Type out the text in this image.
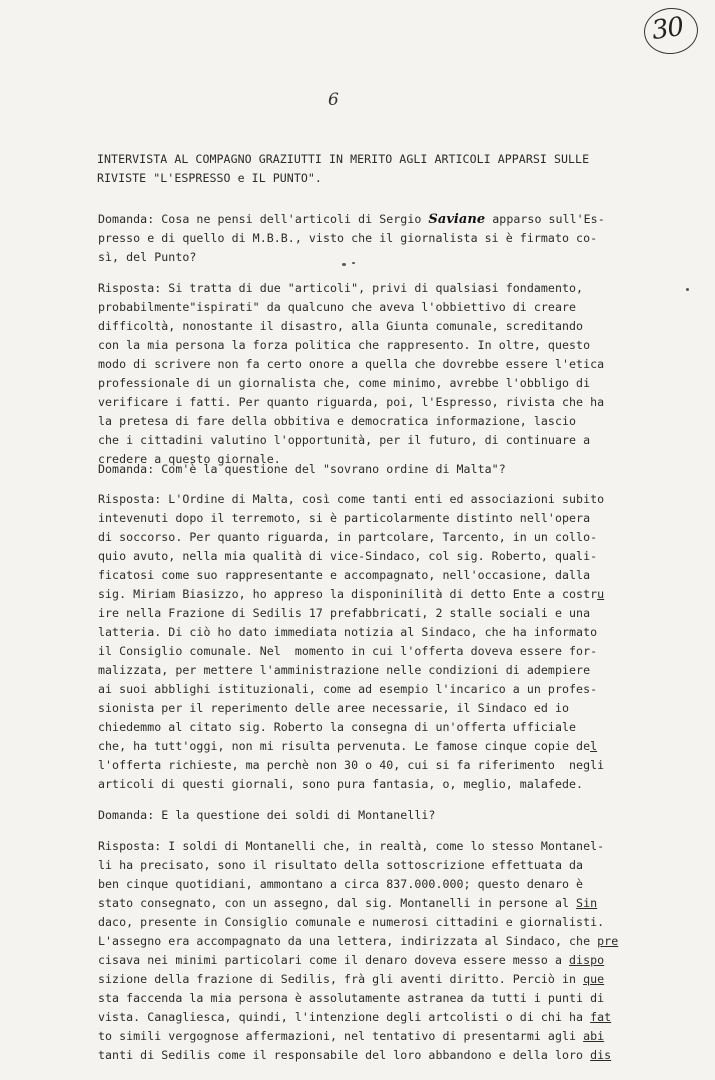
30
6
INTERVISTA AL COMPAGNO GRAZIUTTI IN MERITO AGLI ARTICOLI APPARSI SULLE
RIVISTE "L'ESPRESSO e IL PUNTO".
Domanda: Cosa ne pensi dell'articoli di Sergio Saviane apparso sull'Es-
presso e di quello di M.B.B., visto che il giornalista si è firmato co-
sì, del Punto?
Risposta: Si tratta di due "articoli", privi di qualsiasi fondamento,
probabilmente"ispirati" da qualcuno che aveva l'obbiettivo di creare
difficoltà, nonostante il disastro, alla Giunta comunale, screditando
con la mia persona la forza politica che rappresento. In oltre, questo
modo di scrivere non fa certo onore a quella che dovrebbe essere l'etica
professionale di un giornalista che, come minimo, avrebbe l'obbligo di
verificare i fatti. Per quanto riguarda, poi, l'Espresso, rivista che ha
la pretesa di fare della obbitiva e democratica informazione, lascio
che i cittadini valutino l'opportunità, per il futuro, di continuare a
credere a questo giornale.
Domanda: Com'è la questione del "sovrano ordine di Malta"?
Risposta: L'Ordine di Malta, così come tanti enti ed associazioni subito
intevenuti dopo il terremoto, si è particolarmente distinto nell'opera
di soccorso. Per quanto riguarda, in partcolare, Tarcento, in un collo-
quio avuto, nella mia qualità di vice-Sindaco, col sig. Roberto, quali-
ficatosi come suo rappresentante e accompagnato, nell'occasione, dalla
sig. Miriam Biasizzo, ho appreso la disponinilità di detto Ente a costru
ire nella Frazione di Sedilis 17 prefabbricati, 2 stalle sociali e una
latteria. Di ciò ho dato immediata notizia al Sindaco, che ha informato
il Consiglio comunale. Nel  momento in cui l'offerta doveva essere for-
malizzata, per mettere l'amministrazione nelle condizioni di adempiere
ai suoi abblighi istituzionali, come ad esempio l'incarico a un profes-
sionista per il reperimento delle aree necessarie, il Sindaco ed io
chiedemmo al citato sig. Roberto la consegna di un'offerta ufficiale
che, ha tutt'oggi, non mi risulta pervenuta. Le famose cinque copie del
l'offerta richieste, ma perchè non 30 o 40, cui si fa riferimento  negli
articoli di questi giornali, sono pura fantasia, o, meglio, malafede.
Domanda: E la questione dei soldi di Montanelli?
Risposta: I soldi di Montanelli che, in realtà, come lo stesso Montanel-
li ha precisato, sono il risultato della sottoscrizione effettuata da
ben cinque quotidiani, ammontano a circa 837.000.000; questo denaro è
stato consegnato, con un assegno, dal sig. Montanelli in persone al Sin
daco, presente in Consiglio comunale e numerosi cittadini e giornalisti.
L'assegno era accompagnato da una lettera, indirizzata al Sindaco, che pre
cisava nei minimi particolari come il denaro doveva essere messo a dispo
sizione della frazione di Sedilis, frà gli aventi diritto. Perciò in que
sta faccenda la mia persona è assolutamente astranea da tutti i punti di
vista. Canagliesca, quindi, l'intenzione degli artcolisti o di chi ha fat
to simili vergognose affermazioni, nel tentativo di presentarmi agli abi
tanti di Sedilis come il responsabile del loro abbandono e della loro dis
